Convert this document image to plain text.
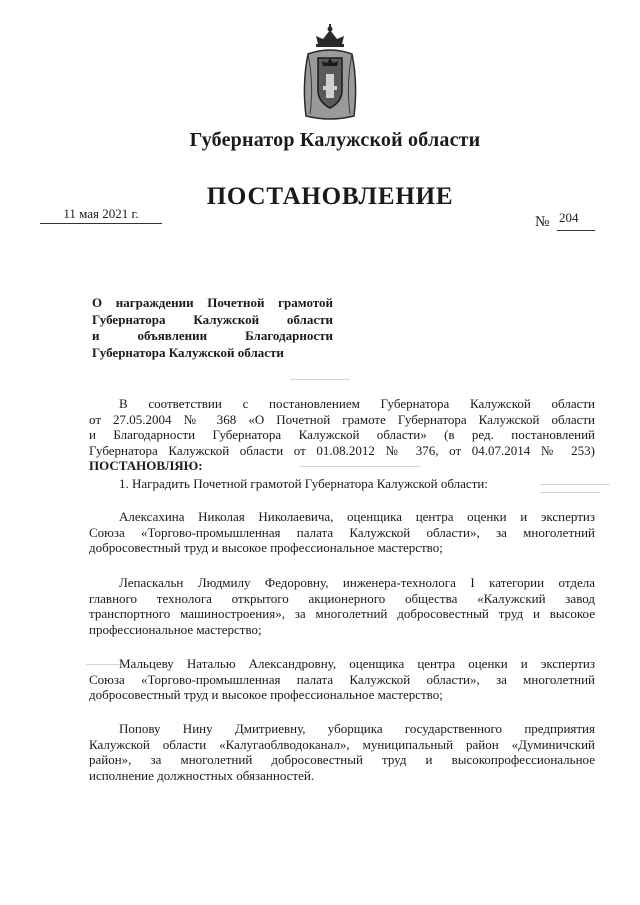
Губернатор Калужской области
ПОСТАНОВЛЕНИЕ
11 мая 2021 г.
№ 204
О награждении Почетной грамотой
Губернатора Калужской области
и объявлении Благодарности
Губернатора Калужской области
В соответствии с постановлением Губернатора Калужской области
от 27.05.2004 № 368 «О Почетной грамоте Губернатора Калужской области
и Благодарности Губернатора Калужской области» (в ред. постановлений
Губернатора Калужской области от 01.08.2012 № 376, от 04.07.2014 № 253)
ПОСТАНОВЛЯЮ:
1. Наградить Почетной грамотой Губернатора Калужской области:
Алексахина Николая Николаевича, оценщика центра оценки и экспертиз
Союза «Торгово-промышленная палата Калужской области», за многолетний
добросовестный труд и высокое профессиональное мастерство;
Лепаскальн Людмилу Федоровну, инженера-технолога I категории отдела
главного технолога открытого акционерного общества «Калужский завод
транспортного машиностроения», за многолетний добросовестный труд и высокое
профессиональное мастерство;
Мальцеву Наталью Александровну, оценщика центра оценки и экспертиз
Союза «Торгово-промышленная палата Калужской области», за многолетний
добросовестный труд и высокое профессиональное мастерство;
Попову Нину Дмитриевну, уборщика государственного предприятия
Калужской области «Калугаоблводоканал», муниципальный район «Думиничский
район», за многолетний добросовестный труд и высокопрофессиональное
исполнение должностных обязанностей.
